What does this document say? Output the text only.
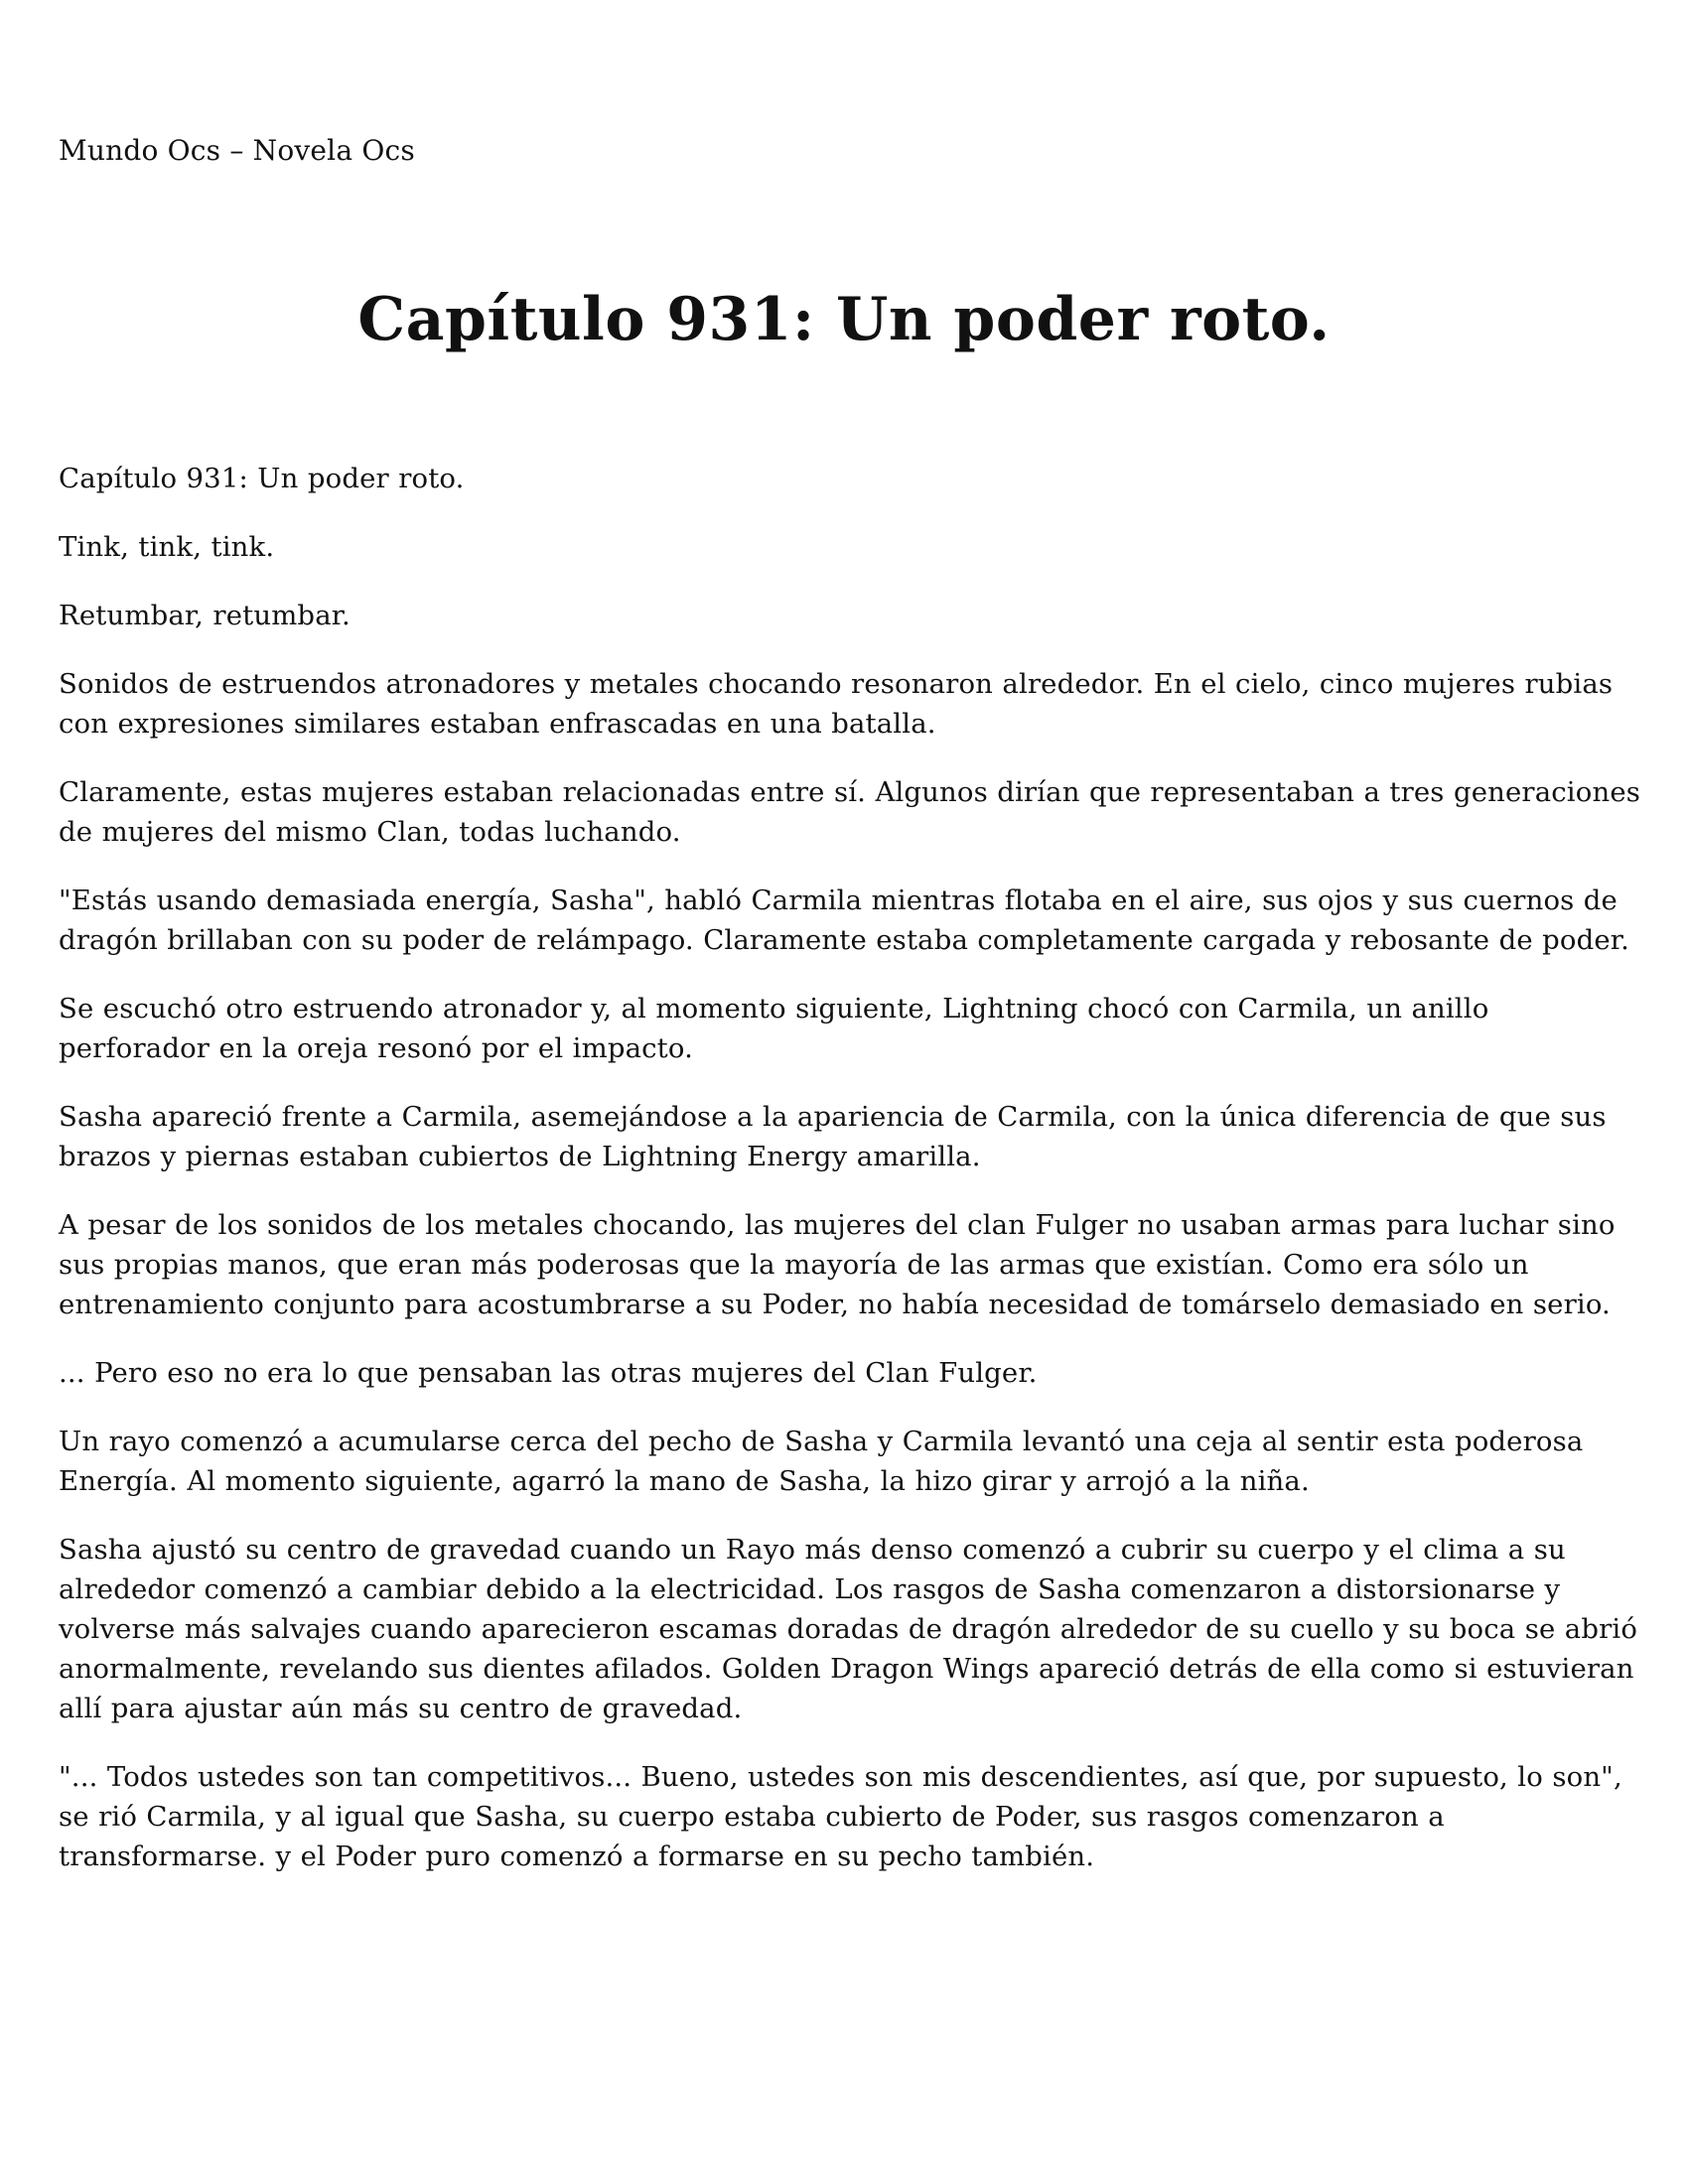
Mundo Ocs – Novela Ocs
Capítulo 931: Un poder roto.

Capítulo 931: Un poder roto.

Tink, tink, tink.

Retumbar, retumbar.

Sonidos de estruendos atronadores y metales chocando resonaron alrededor. En el cielo, cinco mujeres rubias con expresiones similares estaban enfrascadas en una batalla.

Claramente, estas mujeres estaban relacionadas entre sí. Algunos dirían que representaban a tres generaciones de mujeres del mismo Clan, todas luchando.

"Estás usando demasiada energía, Sasha", habló Carmila mientras flotaba en el aire, sus ojos y sus cuernos de dragón brillaban con su poder de relámpago. Claramente estaba completamente cargada y rebosante de poder.

Se escuchó otro estruendo atronador y, al momento siguiente, Lightning chocó con Carmila, un anillo perforador en la oreja resonó por el impacto.

Sasha apareció frente a Carmila, asemejándose a la apariencia de Carmila, con la única diferencia de que sus brazos y piernas estaban cubiertos de Lightning Energy amarilla.

A pesar de los sonidos de los metales chocando, las mujeres del clan Fulger no usaban armas para luchar sino sus propias manos, que eran más poderosas que la mayoría de las armas que existían. Como era sólo un entrenamiento conjunto para acostumbrarse a su Poder, no había necesidad de tomárselo demasiado en serio.

... Pero eso no era lo que pensaban las otras mujeres del Clan Fulger.

Un rayo comenzó a acumularse cerca del pecho de Sasha y Carmila levantó una ceja al sentir esta poderosa Energía. Al momento siguiente, agarró la mano de Sasha, la hizo girar y arrojó a la niña.

Sasha ajustó su centro de gravedad cuando un Rayo más denso comenzó a cubrir su cuerpo y el clima a su alrededor comenzó a cambiar debido a la electricidad. Los rasgos de Sasha comenzaron a distorsionarse y volverse más salvajes cuando aparecieron escamas doradas de dragón alrededor de su cuello y su boca se abrió anormalmente, revelando sus dientes afilados. Golden Dragon Wings apareció detrás de ella como si estuvieran allí para ajustar aún más su centro de gravedad.

"... Todos ustedes son tan competitivos... Bueno, ustedes son mis descendientes, así que, por supuesto, lo son", se rió Carmila, y al igual que Sasha, su cuerpo estaba cubierto de Poder, sus rasgos comenzaron a transformarse. y el Poder puro comenzó a formarse en su pecho también.
